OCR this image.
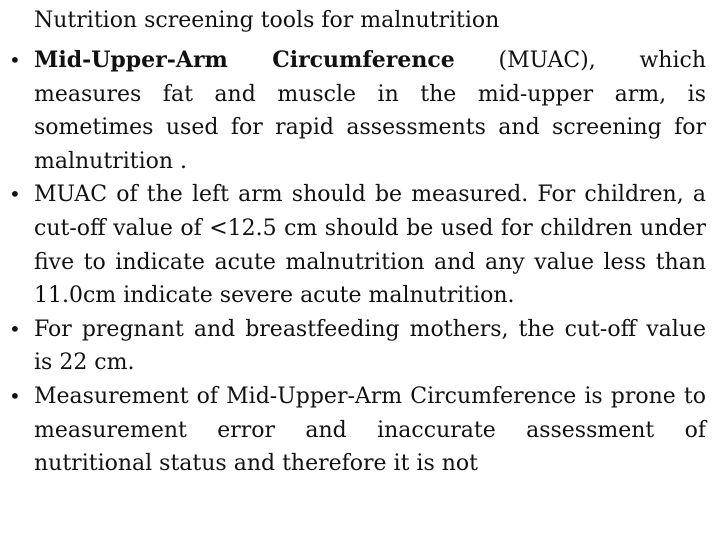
Nutrition screening tools for malnutrition
• Mid-Upper-Arm Circumference (MUAC), which measures fat and muscle in the mid-upper arm, is sometimes used for rapid assessments and screening for malnutrition .
• MUAC of the left arm should be measured. For children, a cut-off value of <12.5 cm should be used for children under five to indicate acute malnutrition and any value less than 11.0cm indicate severe acute malnutrition.
• For pregnant and breastfeeding mothers, the cut-off value is 22 cm.
• Measurement of Mid-Upper-Arm Circumference is prone to measurement error and inaccurate assessment of nutritional status and therefore it is not
